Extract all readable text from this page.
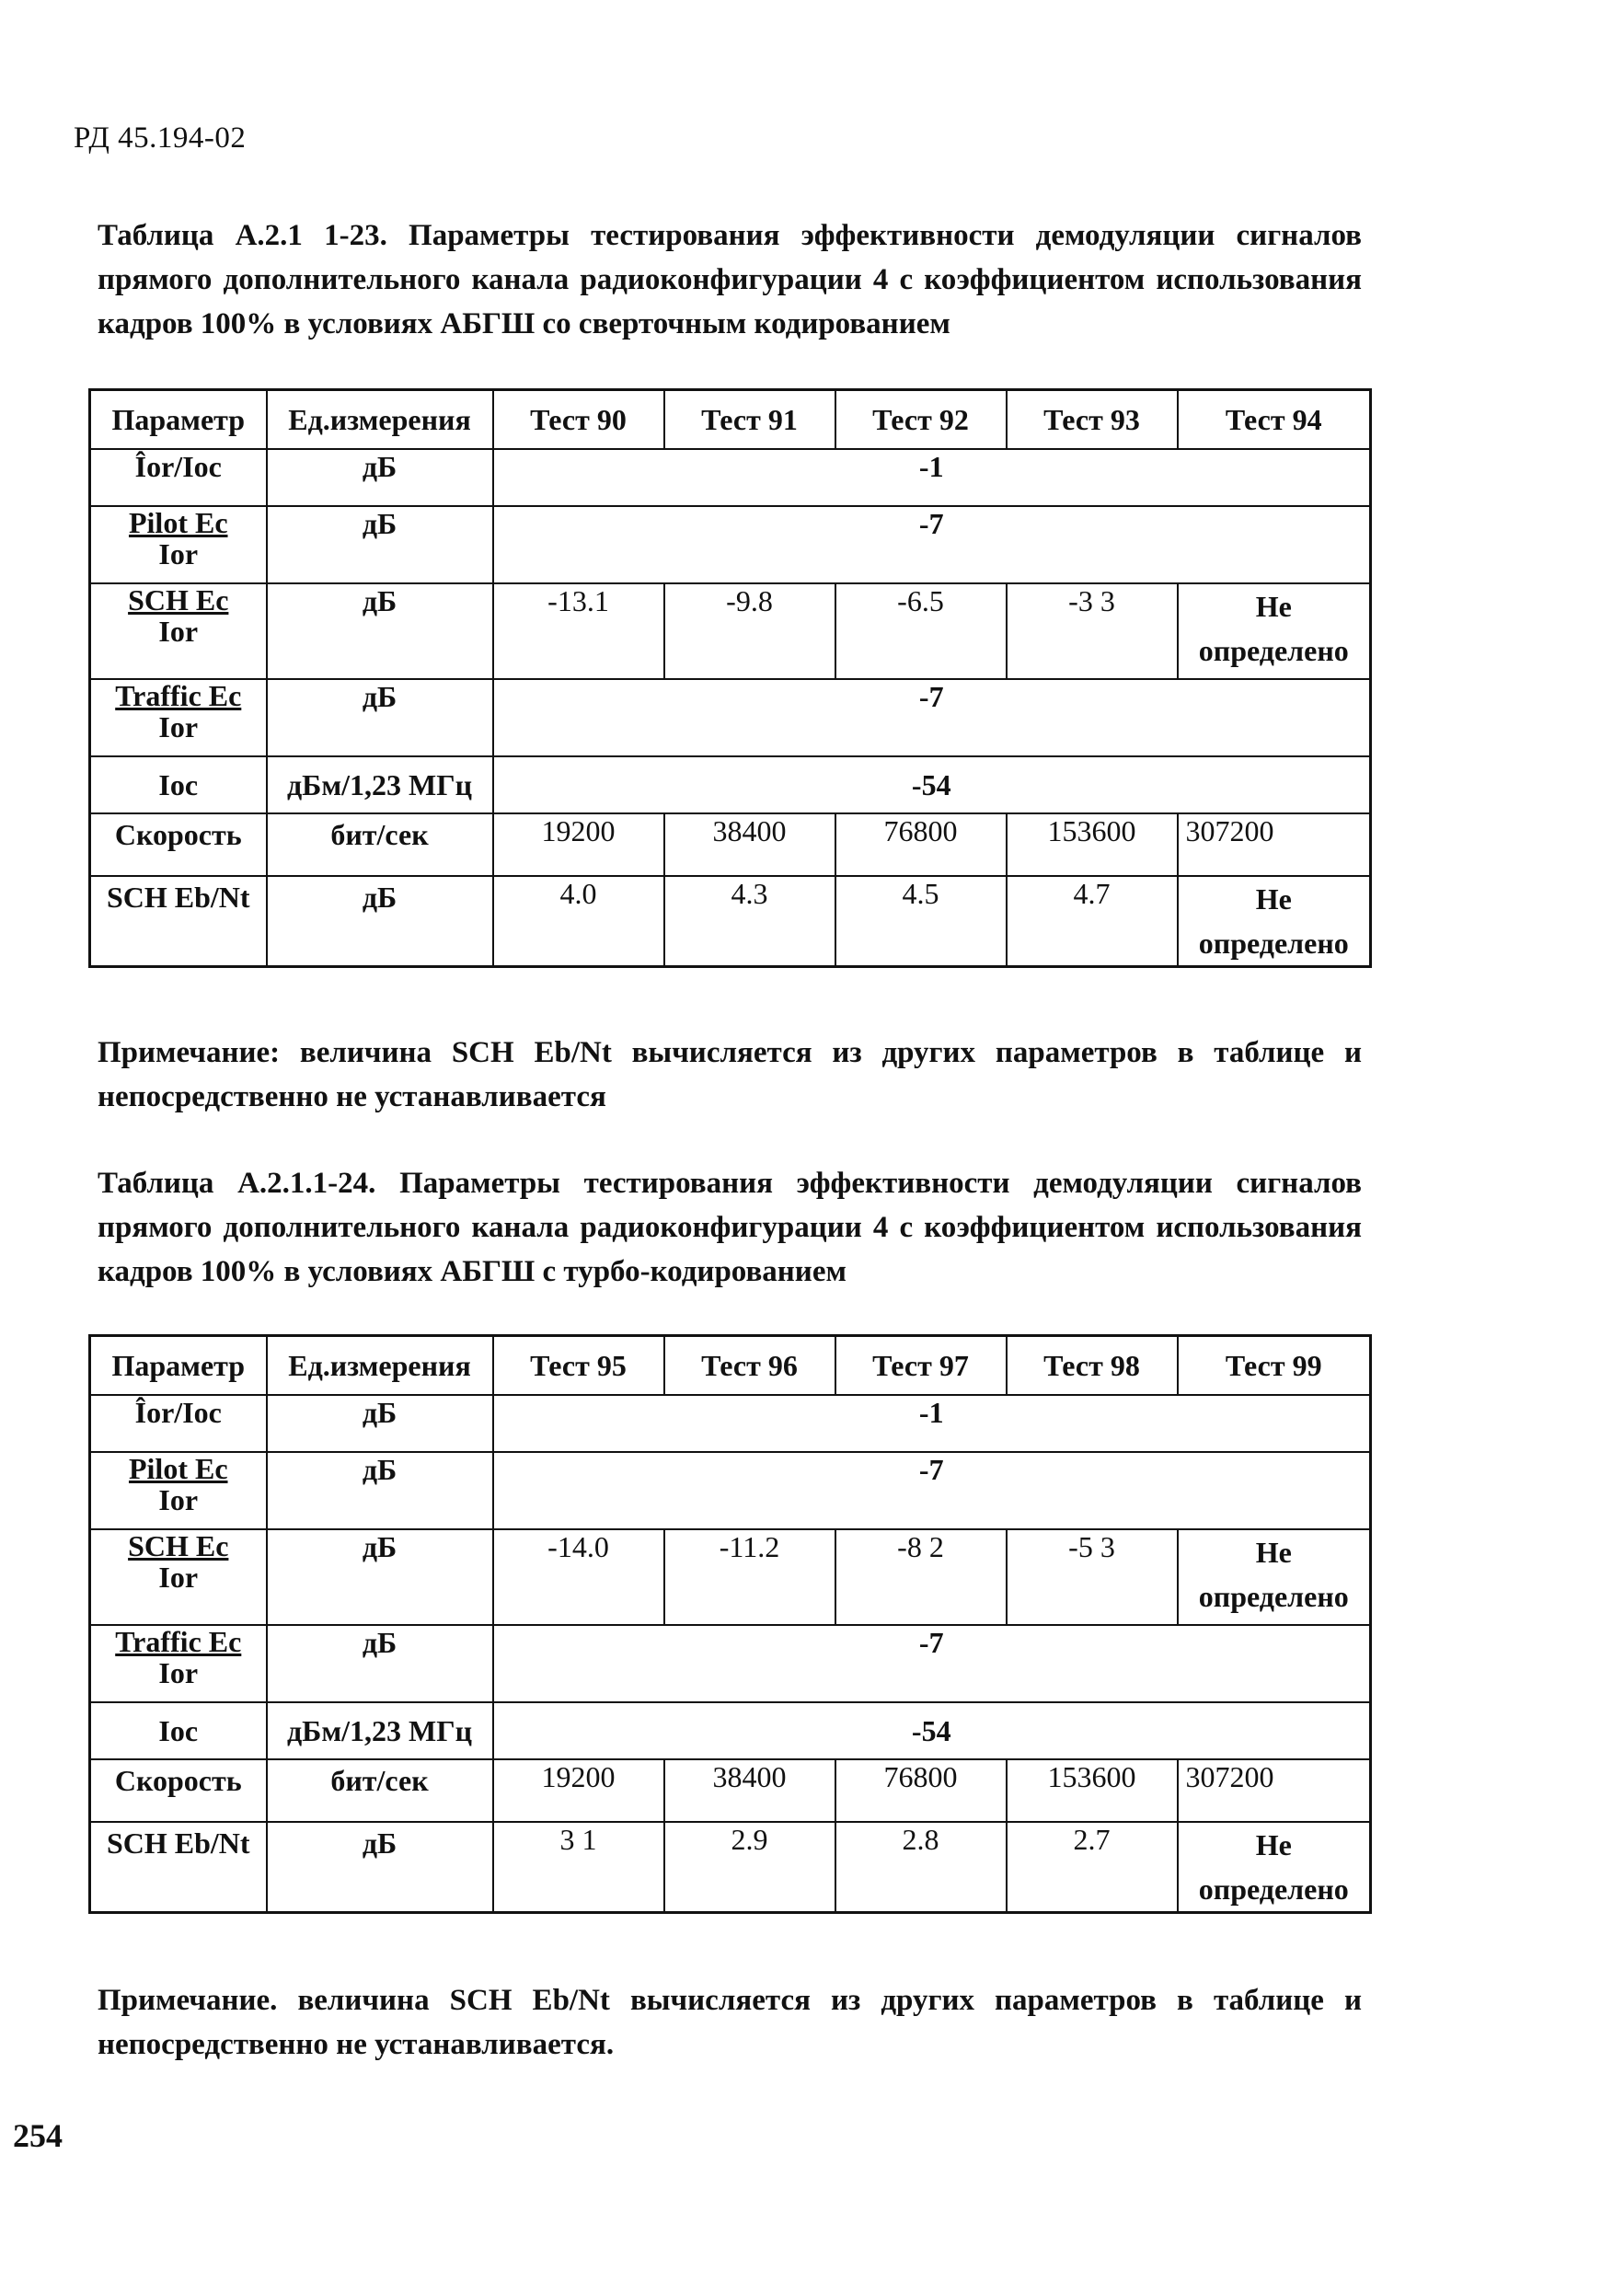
РД 45.194-02
Таблица А.2.1 1-23. Параметры тестирования эффективности демодуляции сигналов прямого дополнительного канала радиоконфигурации 4 с коэффициентом использования кадров 100% в условиях АБГШ со сверточным кодированием
Параметр	Ед.измерения	Тест 90	Тест 91	Тест 92	Тест 93	Тест 94
Îor/Ioc	дБ	-1				

$\frac{\text{Pilot Ec}}{\text{Ior}}$	дБ	-7				

$\frac{\text{SCH Ec}}{\text{Ior}}$	дБ	-13.1	-9.8	-6.5	-3 3	Не определено

$\frac{\text{Traffic Ec}}{\text{Ior}}$	дБ	-7				
Ioc	дБм/1,23 МГц	-54				
Скорость	бит/сек	19200	38400	76800	153600	307200
SCH Eb/Nt	дБ	4.0	4.3	4.5	4.7	Не определено
Примечание: величина SCH Eb/Nt вычисляется из других параметров в таблице и непосредственно не устанавливается
Таблица А.2.1.1-24. Параметры тестирования эффективности демодуляции сигналов прямого дополнительного канала радиоконфигурации 4 с коэффициентом использования кадров 100% в условиях АБГШ с турбо-кодированием
Параметр	Ед.измерения	Тест 95	Тест 96	Тест 97	Тест 98	Тест 99
Îor/Ioc	дБ	-1				

$\frac{\text{Pilot Ec}}{\text{Ior}}$	дБ	-7				

$\frac{\text{SCH Ec}}{\text{Ior}}$	дБ	-14.0	-11.2	-8 2	-5 3	Не определено

$\frac{\text{Traffic Ec}}{\text{Ior}}$	дБ	-7				
Ioc	дБм/1,23 МГц	-54				
Скорость	бит/сек	19200	38400	76800	153600	307200
SCH Eb/Nt	дБ	3 1	2.9	2.8	2.7	Не определено
Примечание. величина SCH Eb/Nt вычисляется из других параметров в таблице и непосредственно не устанавливается.
254
